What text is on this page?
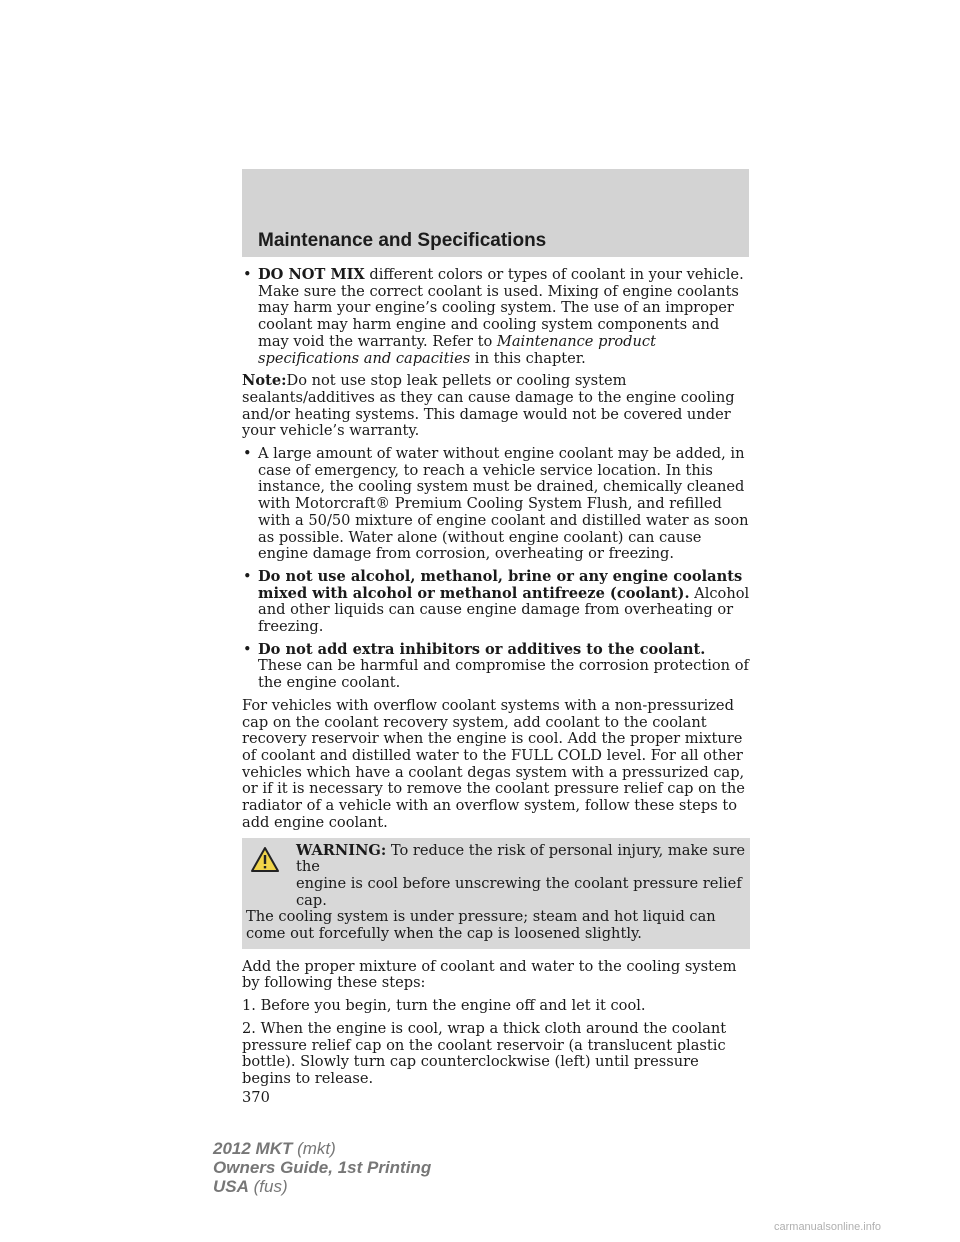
Maintenance and Specifications
• DO NOT MIX different colors or types of coolant in your vehicle. Make sure the correct coolant is used. Mixing of engine coolants may harm your engine’s cooling system. The use of an improper coolant may harm engine and cooling system components and may void the warranty. Refer to Maintenance product specifications and capacities in this chapter.

Note:Do not use stop leak pellets or cooling system sealants/additives as they can cause damage to the engine cooling and/or heating systems. This damage would not be covered under your vehicle’s warranty.

• A large amount of water without engine coolant may be added, in case of emergency, to reach a vehicle service location. In this instance, the cooling system must be drained, chemically cleaned with Motorcraft® Premium Cooling System Flush, and refilled with a 50/50 mixture of engine coolant and distilled water as soon as possible. Water alone (without engine coolant) can cause engine damage from corrosion, overheating or freezing.
• Do not use alcohol, methanol, brine or any engine coolants mixed with alcohol or methanol antifreeze (coolant). Alcohol and other liquids can cause engine damage from overheating or freezing.
• Do not add extra inhibitors or additives to the coolant. These can be harmful and compromise the corrosion protection of the engine coolant.

For vehicles with overflow coolant systems with a non-pressurized cap on the coolant recovery system, add coolant to the coolant recovery reservoir when the engine is cool. Add the proper mixture of coolant and distilled water to the FULL COLD level. For all other vehicles which have a coolant degas system with a pressurized cap, or if it is necessary to remove the coolant pressure relief cap on the radiator of a vehicle with an overflow system, follow these steps to add engine coolant.

WARNING: To reduce the risk of personal injury, make sure the
engine is cool before unscrewing the coolant pressure relief cap.
The cooling system is under pressure; steam and hot liquid can come out forcefully when the cap is loosened slightly.

Add the proper mixture of coolant and water to the cooling system by following these steps:

1. Before you begin, turn the engine off and let it cool.

2. When the engine is cool, wrap a thick cloth around the coolant pressure relief cap on the coolant reservoir (a translucent plastic bottle). Slowly turn cap counterclockwise (left) until pressure begins to release.

370
2012 MKT (mkt)
Owners Guide, 1st Printing
USA (fus)
carmanualsonline.info
